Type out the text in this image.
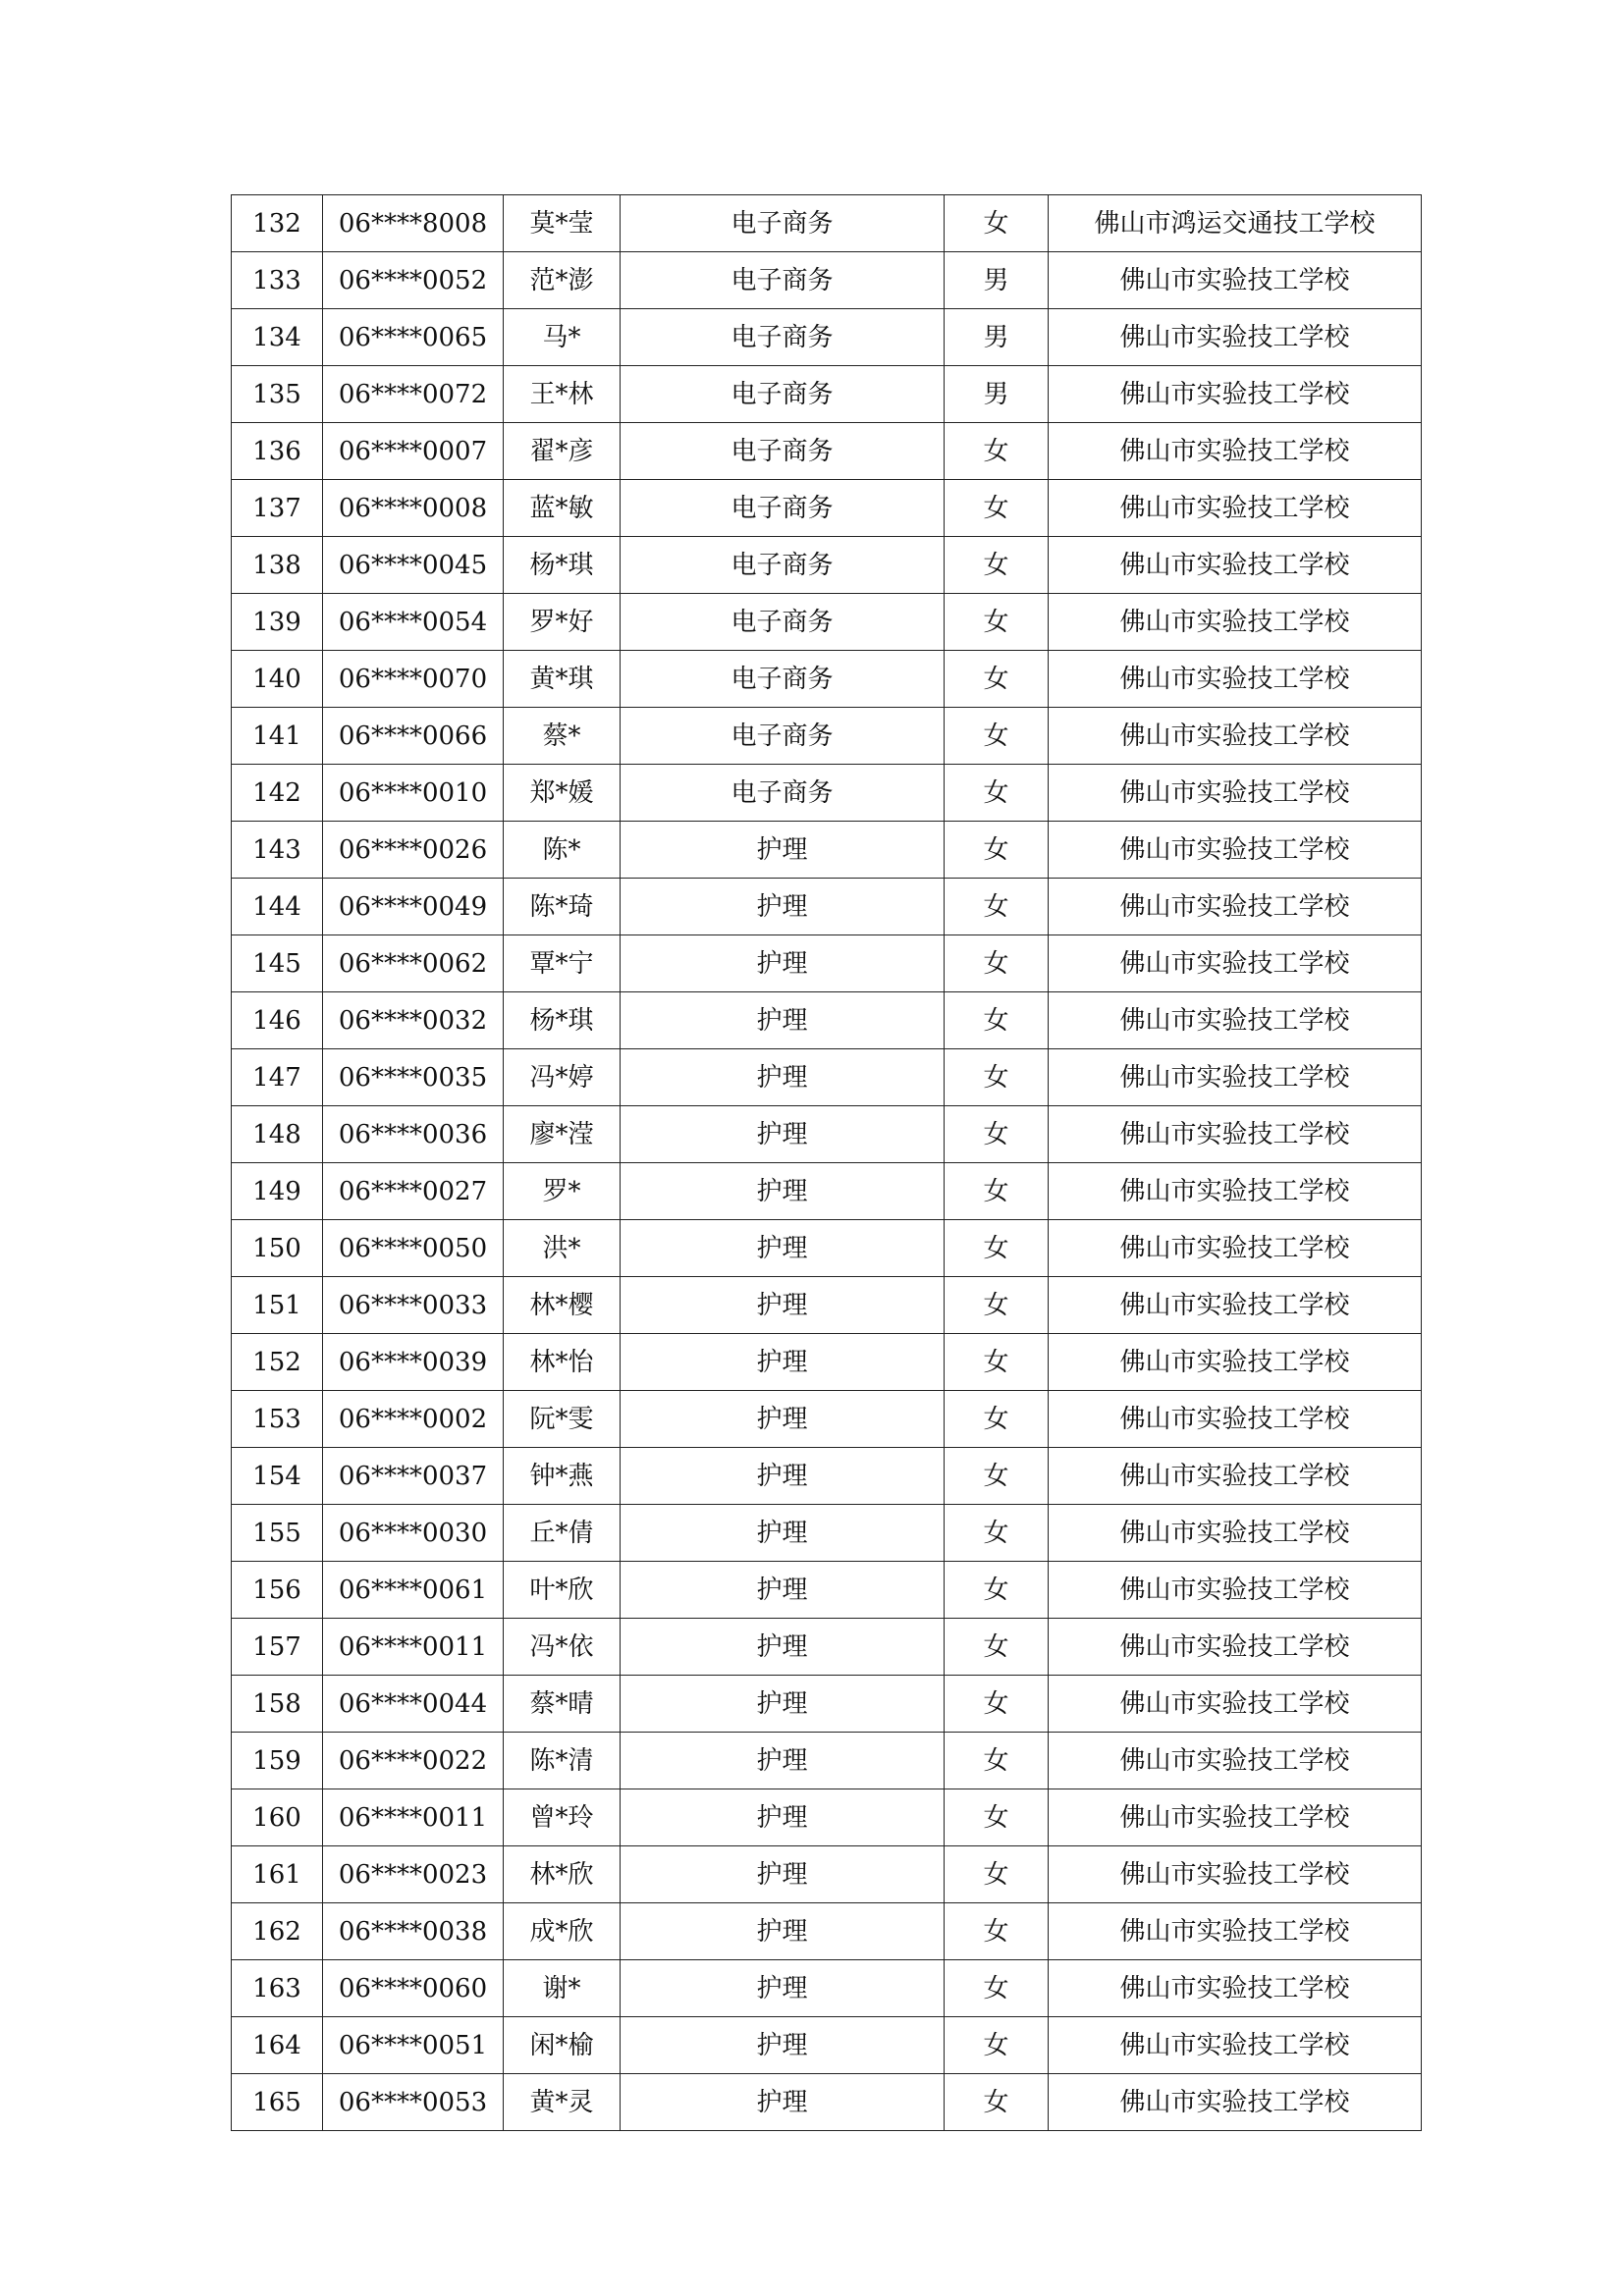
132	06****8008	莫*莹	电子商务	女	佛山市鸿运交通技工学校
133	06****0052	范*澎	电子商务	男	佛山市实验技工学校
134	06****0065	马*	电子商务	男	佛山市实验技工学校
135	06****0072	王*林	电子商务	男	佛山市实验技工学校
136	06****0007	翟*彦	电子商务	女	佛山市实验技工学校
137	06****0008	蓝*敏	电子商务	女	佛山市实验技工学校
138	06****0045	杨*琪	电子商务	女	佛山市实验技工学校
139	06****0054	罗*好	电子商务	女	佛山市实验技工学校
140	06****0070	黄*琪	电子商务	女	佛山市实验技工学校
141	06****0066	蔡*	电子商务	女	佛山市实验技工学校
142	06****0010	郑*媛	电子商务	女	佛山市实验技工学校
143	06****0026	陈*	护理	女	佛山市实验技工学校
144	06****0049	陈*琦	护理	女	佛山市实验技工学校
145	06****0062	覃*宁	护理	女	佛山市实验技工学校
146	06****0032	杨*琪	护理	女	佛山市实验技工学校
147	06****0035	冯*婷	护理	女	佛山市实验技工学校
148	06****0036	廖*滢	护理	女	佛山市实验技工学校
149	06****0027	罗*	护理	女	佛山市实验技工学校
150	06****0050	洪*	护理	女	佛山市实验技工学校
151	06****0033	林*樱	护理	女	佛山市实验技工学校
152	06****0039	林*怡	护理	女	佛山市实验技工学校
153	06****0002	阮*雯	护理	女	佛山市实验技工学校
154	06****0037	钟*燕	护理	女	佛山市实验技工学校
155	06****0030	丘*倩	护理	女	佛山市实验技工学校
156	06****0061	叶*欣	护理	女	佛山市实验技工学校
157	06****0011	冯*依	护理	女	佛山市实验技工学校
158	06****0044	蔡*晴	护理	女	佛山市实验技工学校
159	06****0022	陈*清	护理	女	佛山市实验技工学校
160	06****0011	曾*玲	护理	女	佛山市实验技工学校
161	06****0023	林*欣	护理	女	佛山市实验技工学校
162	06****0038	成*欣	护理	女	佛山市实验技工学校
163	06****0060	谢*	护理	女	佛山市实验技工学校
164	06****0051	闲*榆	护理	女	佛山市实验技工学校
165	06****0053	黄*灵	护理	女	佛山市实验技工学校
